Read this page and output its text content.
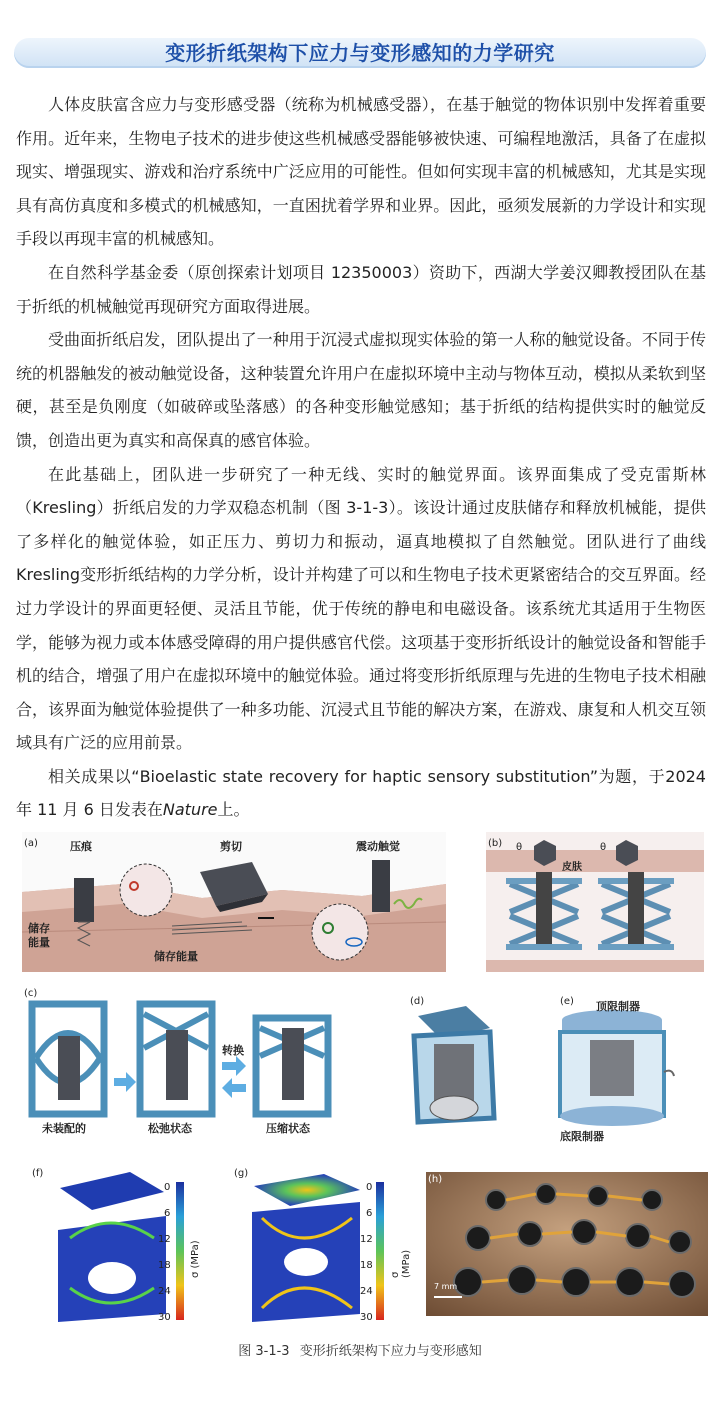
变形折纸架构下应力与变形感知的力学研究

人体皮肤富含应力与变形感受器（统称为机械感受器），在基于触觉的物体识别中发挥着重要作用。近年来，生物电子技术的进步使这些机械感受器能够被快速、可编程地激活，具备了在虚拟现实、增强现实、游戏和治疗系统中广泛应用的可能性。但如何实现丰富的机械感知，尤其是实现具有高仿真度和多模式的机械感知，一直困扰着学界和业界。因此，亟须发展新的力学设计和实现手段以再现丰富的机械感知。

在自然科学基金委（原创探索计划项目 12350003）资助下，西湖大学姜汉卿教授团队在基于折纸的机械触觉再现研究方面取得进展。

受曲面折纸启发，团队提出了一种用于沉浸式虚拟现实体验的第一人称的触觉设备。不同于传统的机器触发的被动触觉设备，这种装置允许用户在虚拟环境中主动与物体互动，模拟从柔软到坚硬，甚至是负刚度（如破碎或坠落感）的各种变形触觉感知；基于折纸的结构提供实时的触觉反馈，创造出更为真实和高保真的感官体验。

在此基础上，团队进一步研究了一种无线、实时的触觉界面。该界面集成了受克雷斯林（Kresling）折纸启发的力学双稳态机制（图 3-1-3）。该设计通过皮肤储存和释放机械能，提供了多样化的触觉体验，如正压力、剪切力和振动，逼真地模拟了自然触觉。团队进行了曲线Kresling变形折纸结构的力学分析，设计并构建了可以和生物电子技术更紧密结合的交互界面。经过力学设计的界面更轻便、灵活且节能，优于传统的静电和电磁设备。该系统尤其适用于生物医学，能够为视力或本体感受障碍的用户提供感官代偿。这项基于变形折纸设计的触觉设备和智能手机的结合，增强了用户在虚拟环境中的触觉体验。通过将变形折纸原理与先进的生物电子技术相融合，该界面为触觉体验提供了一种多功能、沉浸式且节能的解决方案，在游戏、康复和人机交互领域具有广泛的应用前景。

相关成果以“Bioelastic state recovery for haptic sensory substitution”为题，于2024 年 11 月 6 日发表在Nature上。

(a)	压痕	剪切	震动触觉
储存能量
储存能量
(b) θ
皮肤
θ
(c)
未装配的	松弛状态
转换
压缩状态
(d)	(e) 顶限制器
底限制器
(f)
0
6
12
18
24
30
σ (MPa)
(g)
0
6
12
18
24
30
σ (MPa)
(h)
7 mm
图 3-1-3 变形折纸架构下应力与变形感知
